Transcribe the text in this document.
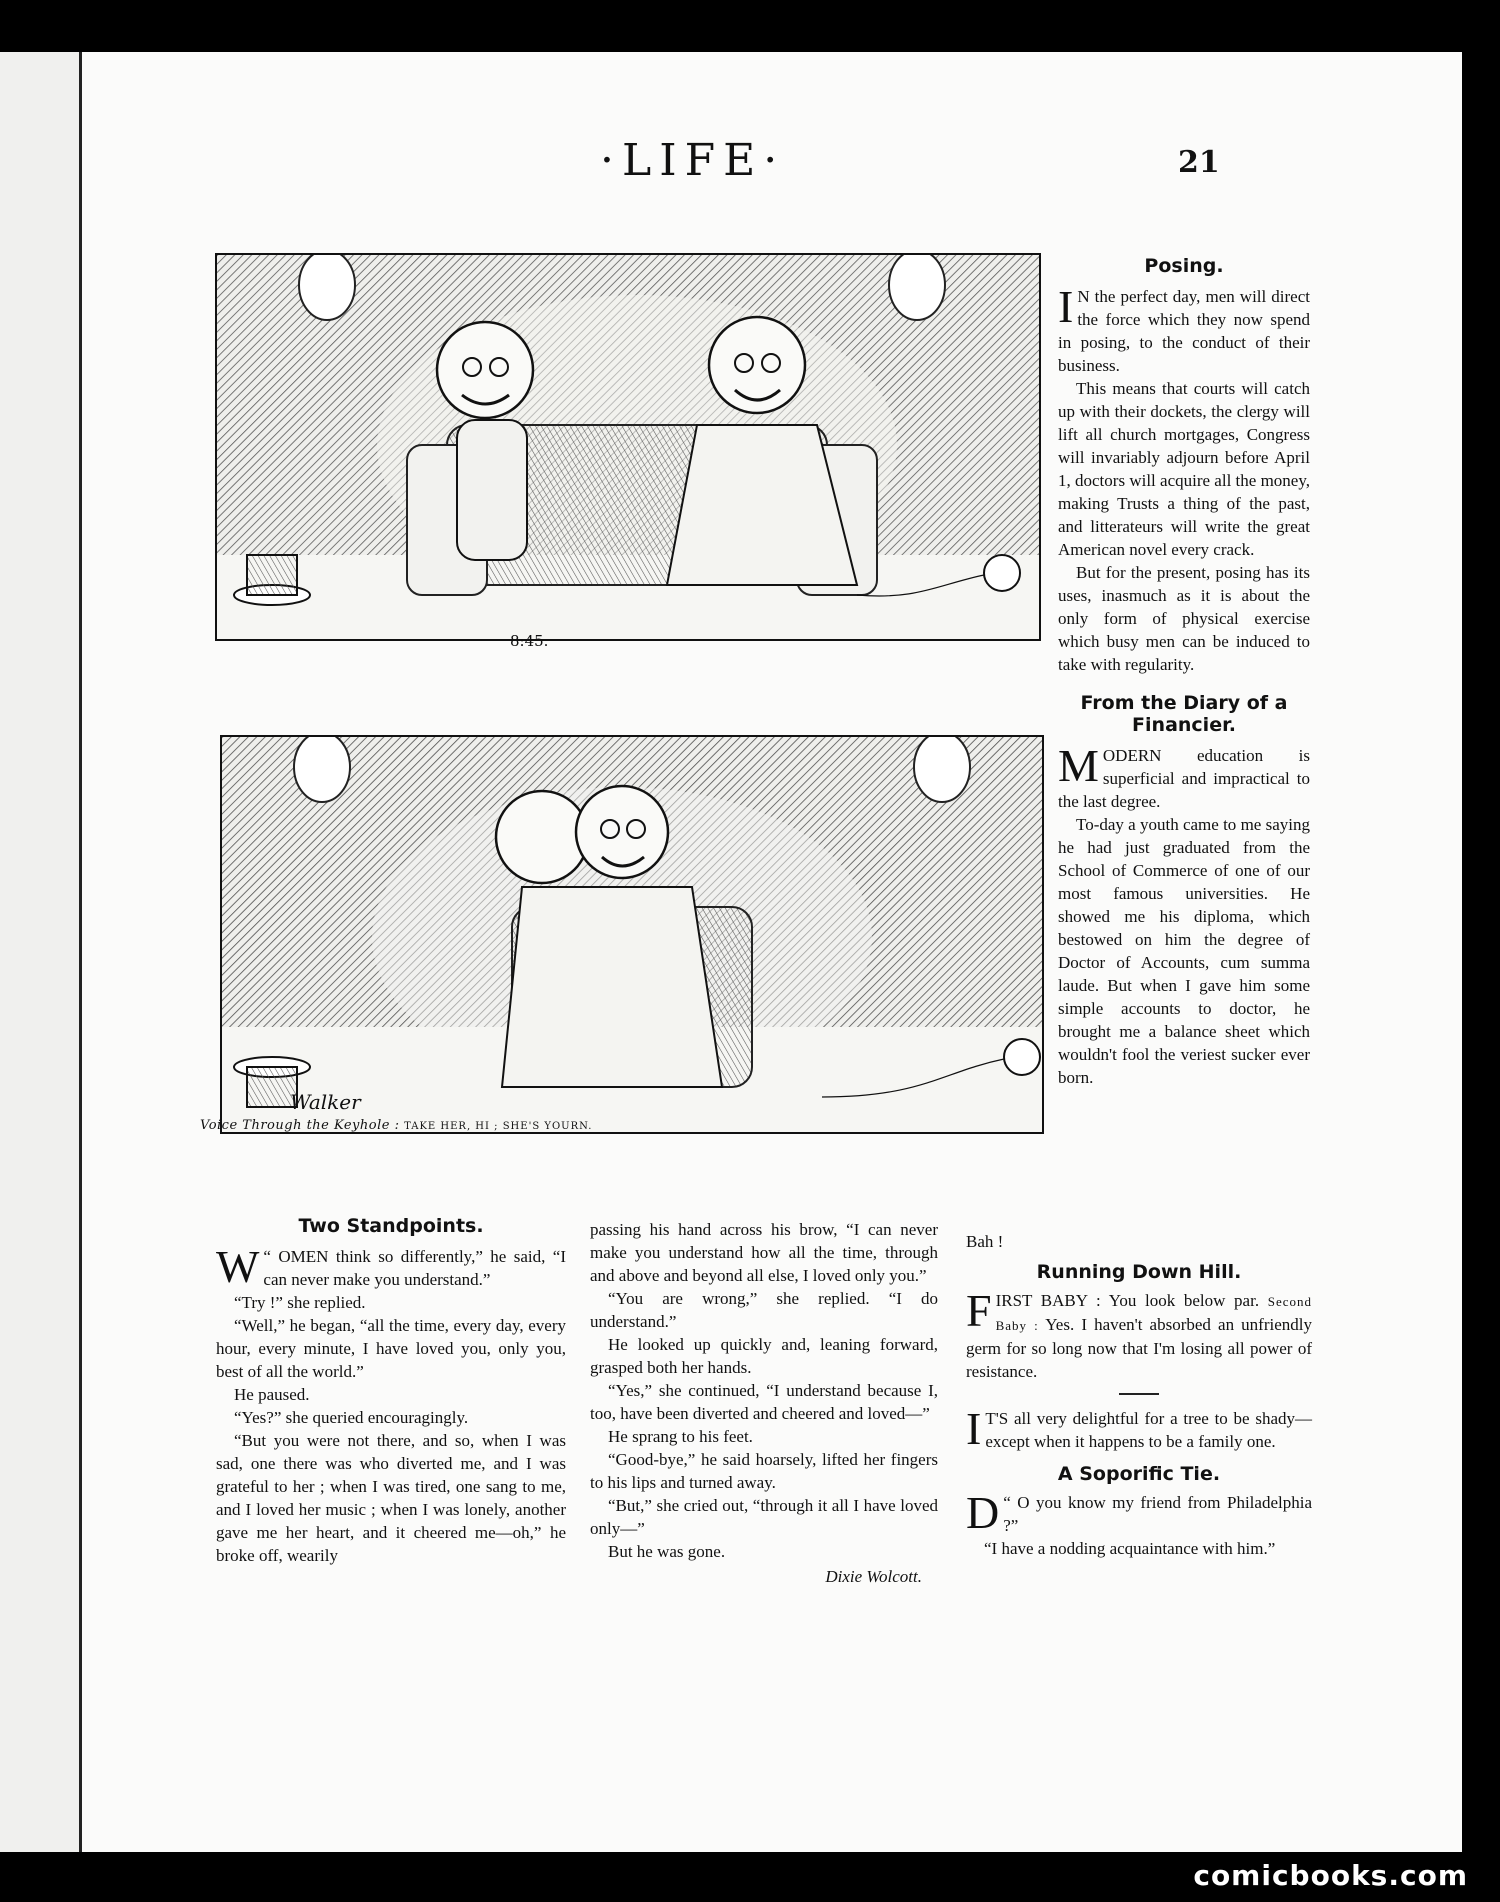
·LIFE·	21
8:45.
Walker
Voice Through the Keyhole : TAKE HER, HI ; SHE'S YOURN.
Posing.

I N the perfect day, men will direct the force which they now spend in posing, to the conduct of their business.

This means that courts will catch up with their dockets, the clergy will lift all church mortgages, Congress will invariably adjourn before April 1, doctors will acquire all the money, making Trusts a thing of the past, and litterateurs will write the great American novel every crack.

But for the present, posing has its uses, inasmuch as it is about the only form of physical exercise which busy men can be induced to take with regularity.

From the Diary of a Financier.

MODERN education is superficial and impractical to the last degree.

To-day a youth came to me saying he had just graduated from the School of Commerce of one of our most famous universities. He showed me his diploma, which bestowed on him the degree of Doctor of Accounts, cum summa laude. But when I gave him some simple accounts to doctor, he brought me a balance sheet which wouldn't fool the veriest sucker ever born.

Two Standpoints.

W “ OMEN think so differently,” he said, “I can never make you understand.”

“Try !” she replied.

“Well,” he began, “all the time, every day, every hour, every minute, I have loved you, only you, best of all the world.”

He paused.

“Yes?” she queried encouragingly.

“But you were not there, and so, when I was sad, one there was who diverted me, and I was grateful to her ; when I was tired, one sang to me, and I loved her music ; when I was lonely, another gave me her heart, and it cheered me—oh,” he broke off, wearily

passing his hand across his brow, “I can never make you understand how all the time, through and above and beyond all else, I loved only you.”

“You are wrong,” she replied. “I do understand.”

He looked up quickly and, leaning forward, grasped both her hands.

“Yes,” she continued, “I understand because I, too, have been diverted and cheered and loved—”

He sprang to his feet.

“Good-bye,” he said hoarsely, lifted her fingers to his lips and turned away.

“But,” she cried out, “through it all I have loved only—”

But he was gone.

Dixie Wolcott.

Bah !

Running Down Hill.

FIRST BABY : You look below par. Second Baby : Yes. I haven't absorbed an unfriendly germ for so long now that I'm losing all power of resistance.

I T'S all very delightful for a tree to be shady—except when it happens to be a family one.

A Soporific Tie.

D “ O you know my friend from Philadelphia ?”

“I have a nodding acquaintance with him.”

comicbooks.com
